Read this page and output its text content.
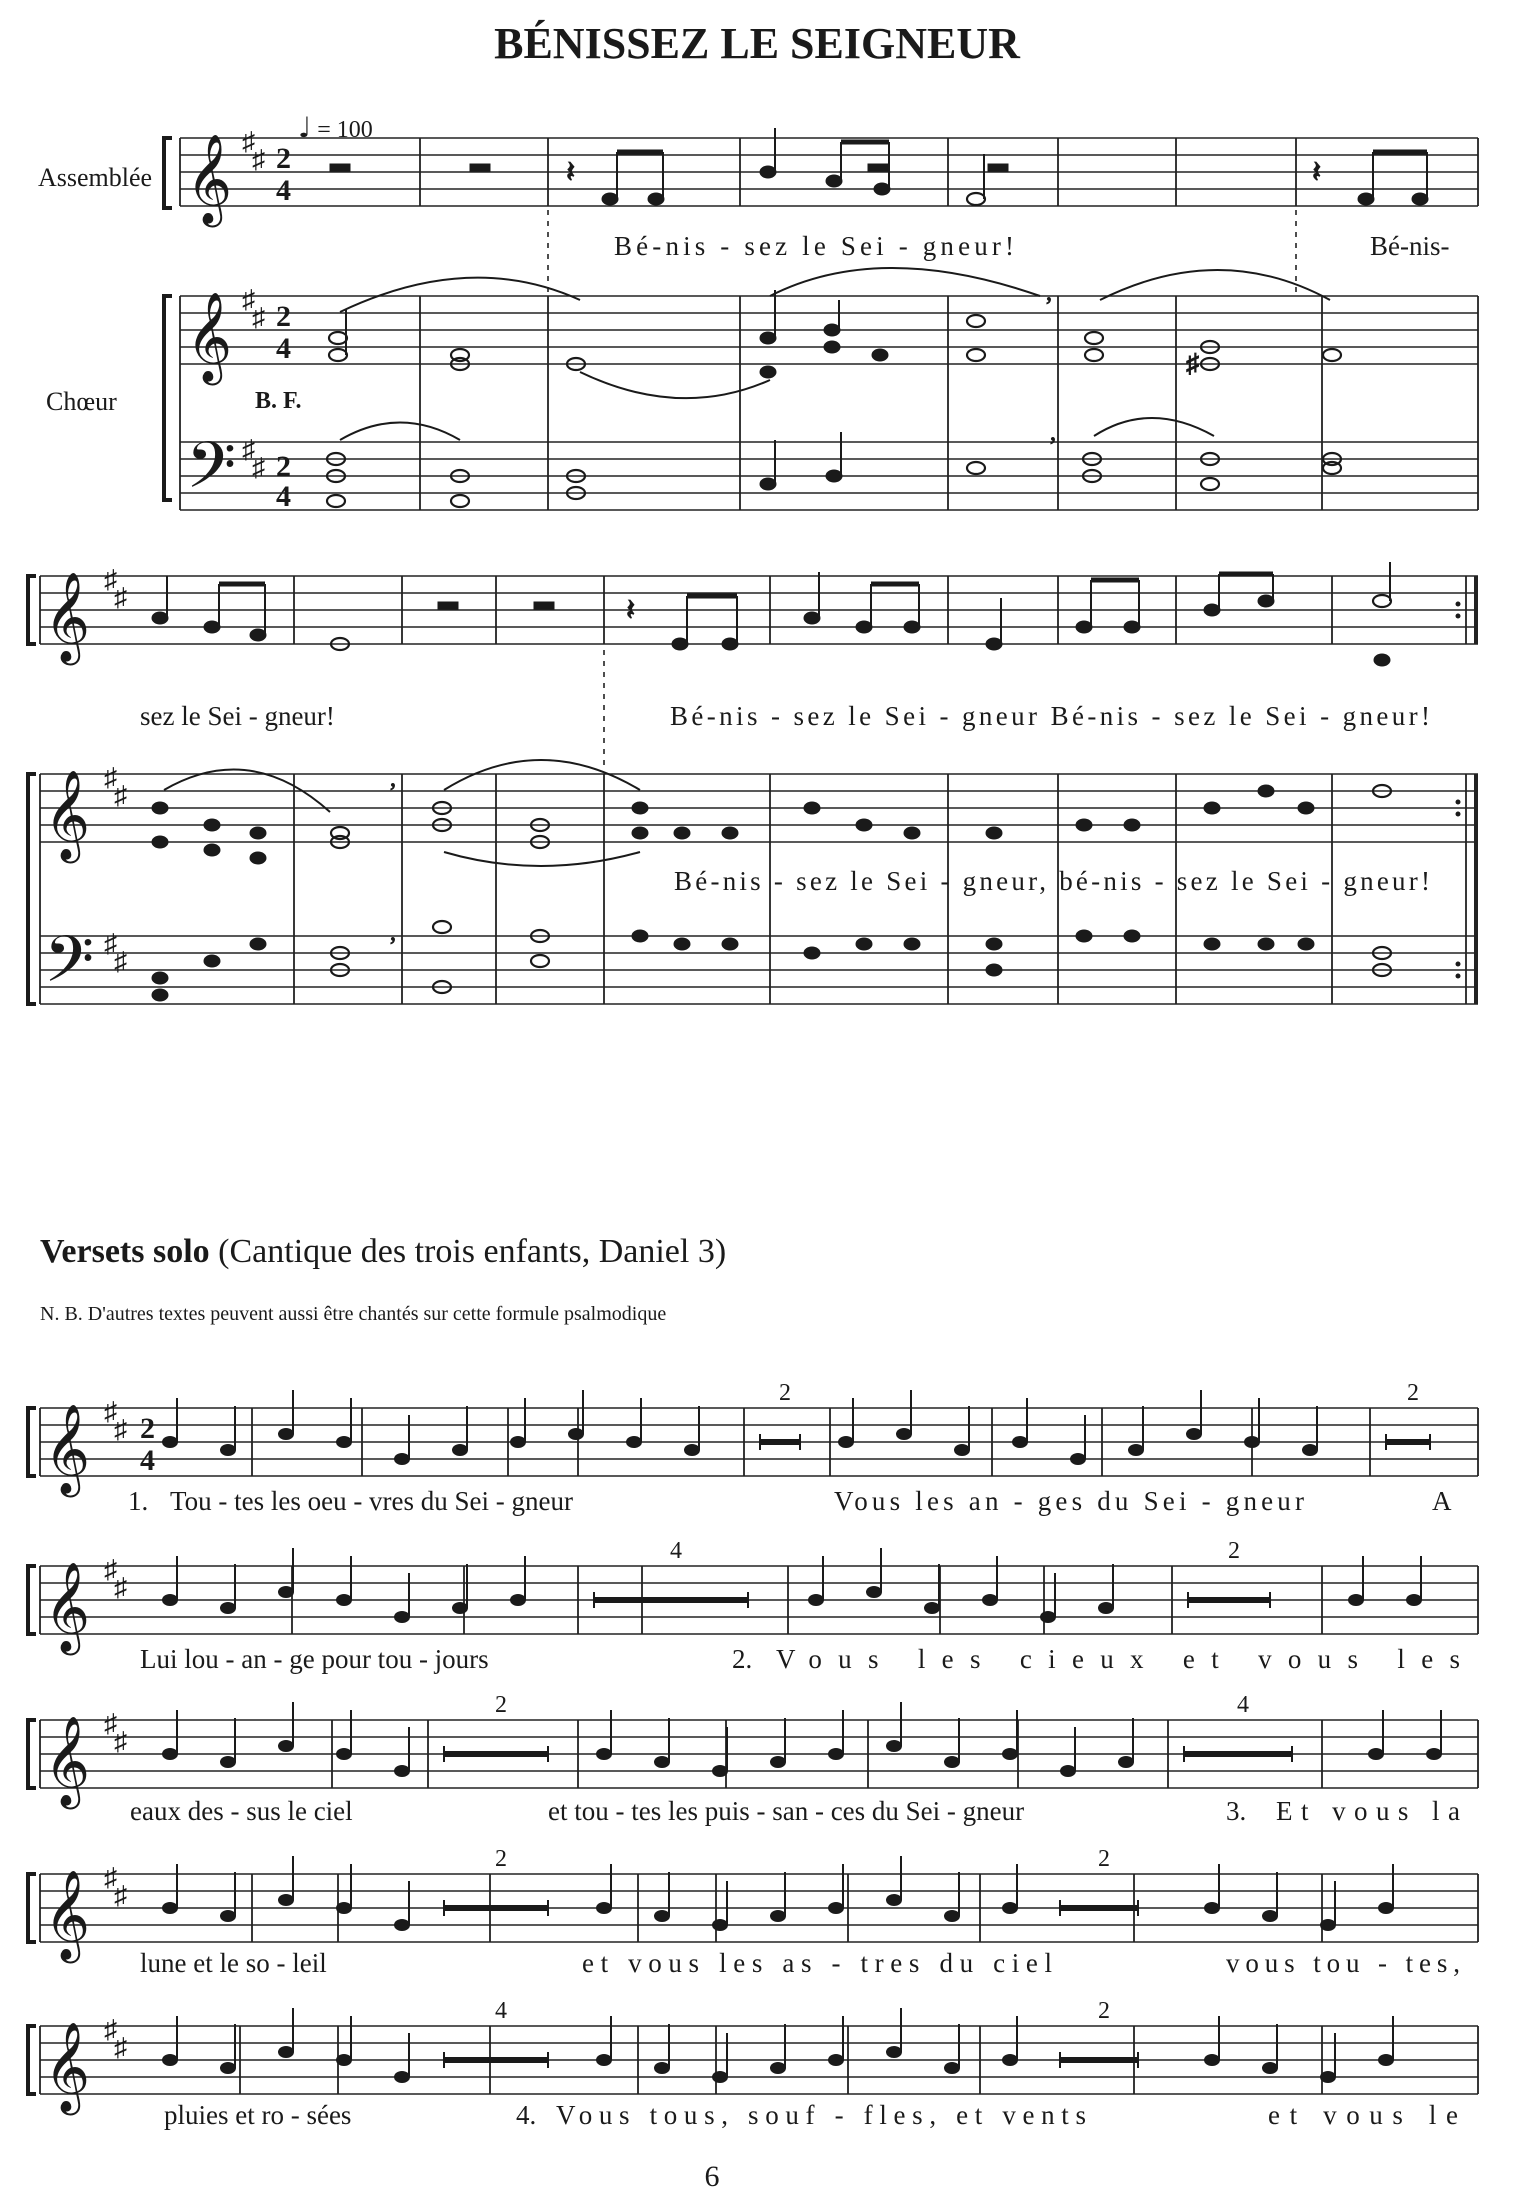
BÉNISSEZ LE SEIGNEUR
♩ = 100
Assemblée
Chœur	B. F.
𝄞 ♯
♯ 2
4
𝄞 ♯
♯ 2
4
𝄢 ♯
♯ 2
4
𝄽	𝄽
♯
,
,
Bé-nis - sez le Sei - gneur!	Bé-nis-
𝄞 ♯
♯
𝄞 ♯
♯
𝄢 ♯
♯
𝄽
,
,
sez le Sei - gneur!	Bé-nis - sez le Sei - gneur Bé-nis - sez le Sei - gneur!
Bé-nis - sez le Sei - gneur, bé-nis - sez le Sei - gneur!
Versets solo (Cantique des trois enfants, Daniel 3)
N. B. D'autres textes peuvent aussi être chantés sur cette formule psalmodique
𝄞 ♯
♯ 2
4
2	2
𝄞 ♯
♯
4	2
𝄞 ♯
♯
2	4
𝄞 ♯
♯
2	2
𝄞 ♯
♯
4	2
1. Tou - tes les oeu - vres du Sei - gneur	Vous les an - ges du Sei - gneur	A
Lui lou - an - ge pour tou - jours	2. Vous les cieux et vous les
eaux des - sus le ciel	et tou - tes les puis - san - ces du Sei - gneur	3. Et vous la
lune et le so - leil	et vous les as - tres du ciel	vous tou - tes,
pluies et ro - sées	4. Vous tous, souf - fles, et vents	et vous le
6
